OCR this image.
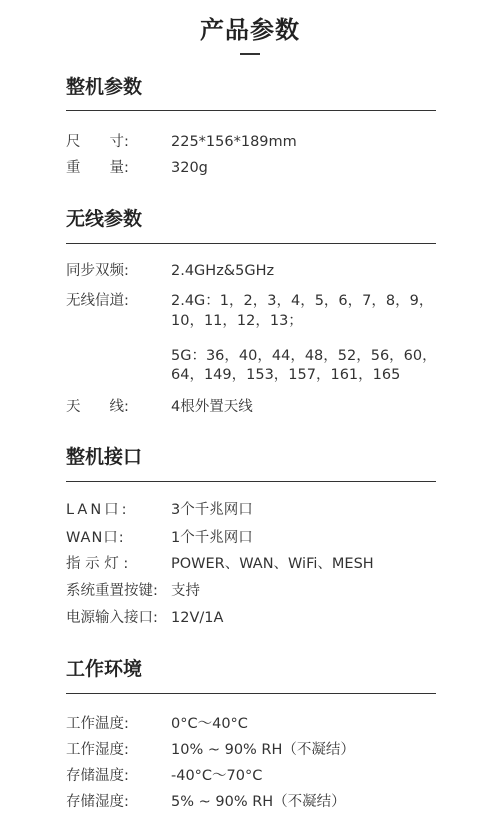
产品参数
整机参数
尺　　寸:	225*156*189mm
重　　量:	320g
无线参数
同步双频:	2.4GHz&5GHz
无线信道:	2.4G：1，2，3，4，5，6，7，8，9，
10，11，12，13；
5G：36，40，44，48，52，56，60，
64，149，153，157，161，165
天　　线:	4根外置天线
整机接口
LAN口:	3个千兆网口
WAN口:	1个千兆网口
指 示 灯 :	POWER、WAN、WiFi、MESH
系统重置按键: 支持
电源输入接口: 12V/1A
工作环境
工作温度:	0°C～40°C
工作湿度:	10% ~ 90% RH（不凝结）
存储温度:	-40°C～70°C
存储湿度:	5% ~ 90% RH（不凝结）
